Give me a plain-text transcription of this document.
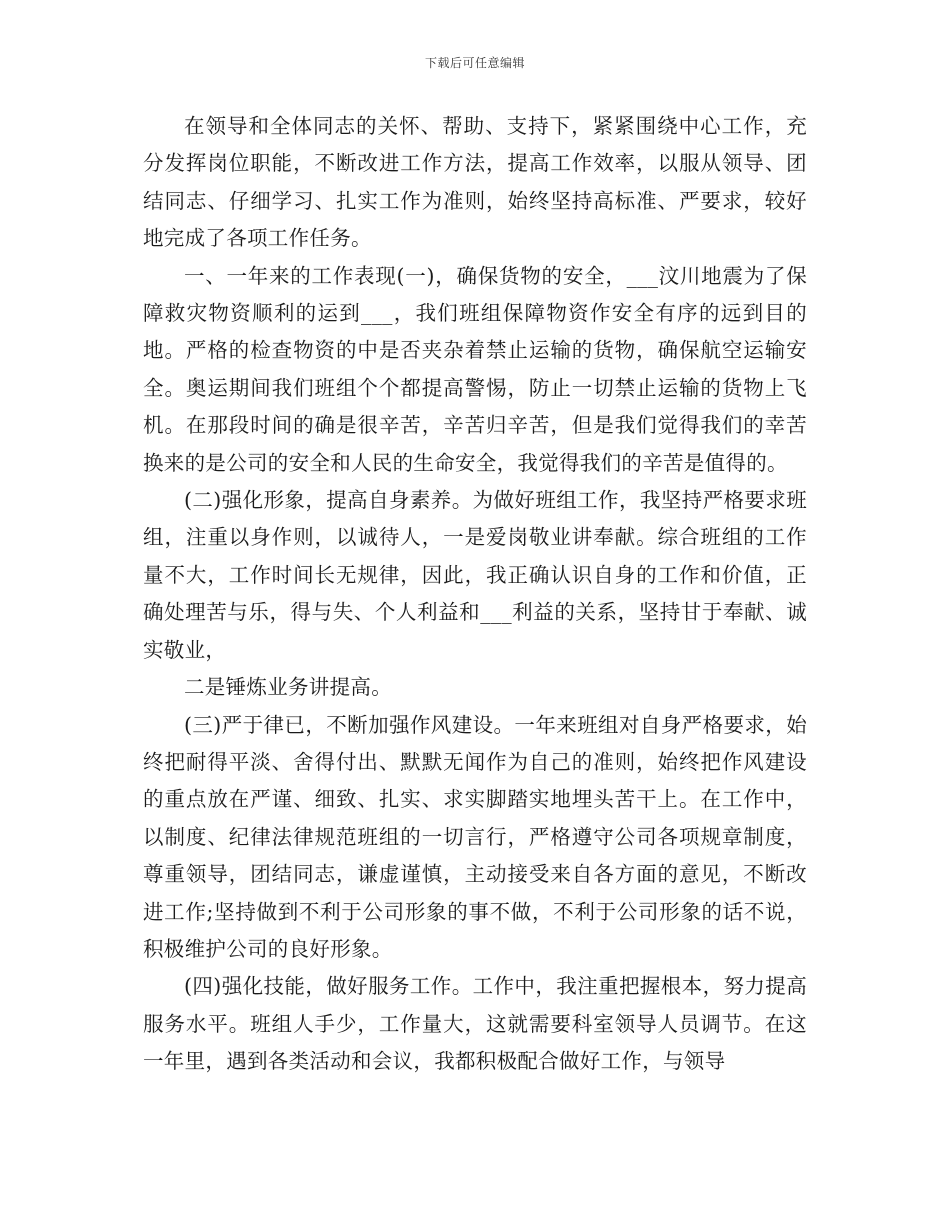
下载后可任意编辑

在领导和全体同志的关怀、帮助、支持下，紧紧围绕中心工作，充分发挥岗位职能，不断改进工作方法，提高工作效率，以服从领导、团结同志、仔细学习、扎实工作为准则，始终坚持高标准、严要求，较好地完成了各项工作任务。

一、一年来的工作表现(一)，确保货物的安全，___汶川地震为了保障救灾物资顺利的运到___，我们班组保障物资作安全有序的远到目的地。严格的检查物资的中是否夹杂着禁止运输的货物，确保航空运输安全。奥运期间我们班组个个都提高警惕，防止一切禁止运输的货物上飞机。在那段时间的确是很辛苦，辛苦归辛苦，但是我们觉得我们的幸苦换来的是公司的安全和人民的生命安全，我觉得我们的辛苦是值得的。

(二)强化形象，提高自身素养。为做好班组工作，我坚持严格要求班组，注重以身作则，以诚待人，一是爱岗敬业讲奉献。综合班组的工作量不大，工作时间长无规律，因此，我正确认识自身的工作和价值，正确处理苦与乐，得与失、个人利益和___利益的关系，坚持甘于奉献、诚实敬业，

二是锤炼业务讲提高。

(三)严于律已，不断加强作风建设。一年来班组对自身严格要求，始终把耐得平淡、舍得付出、默默无闻作为自己的准则，始终把作风建设的重点放在严谨、细致、扎实、求实脚踏实地埋头苦干上。在工作中，以制度、纪律法律规范班组的一切言行，严格遵守公司各项规章制度，尊重领导，团结同志，谦虚谨慎，主动接受来自各方面的意见，不断改进工作;坚持做到不利于公司形象的事不做，不利于公司形象的话不说，积极维护公司的良好形象。

(四)强化技能，做好服务工作。工作中，我注重把握根本，努力提高服务水平。班组人手少，工作量大，这就需要科室领导人员调节。在这一年里，遇到各类活动和会议，我都积极配合做好工作，与领导
